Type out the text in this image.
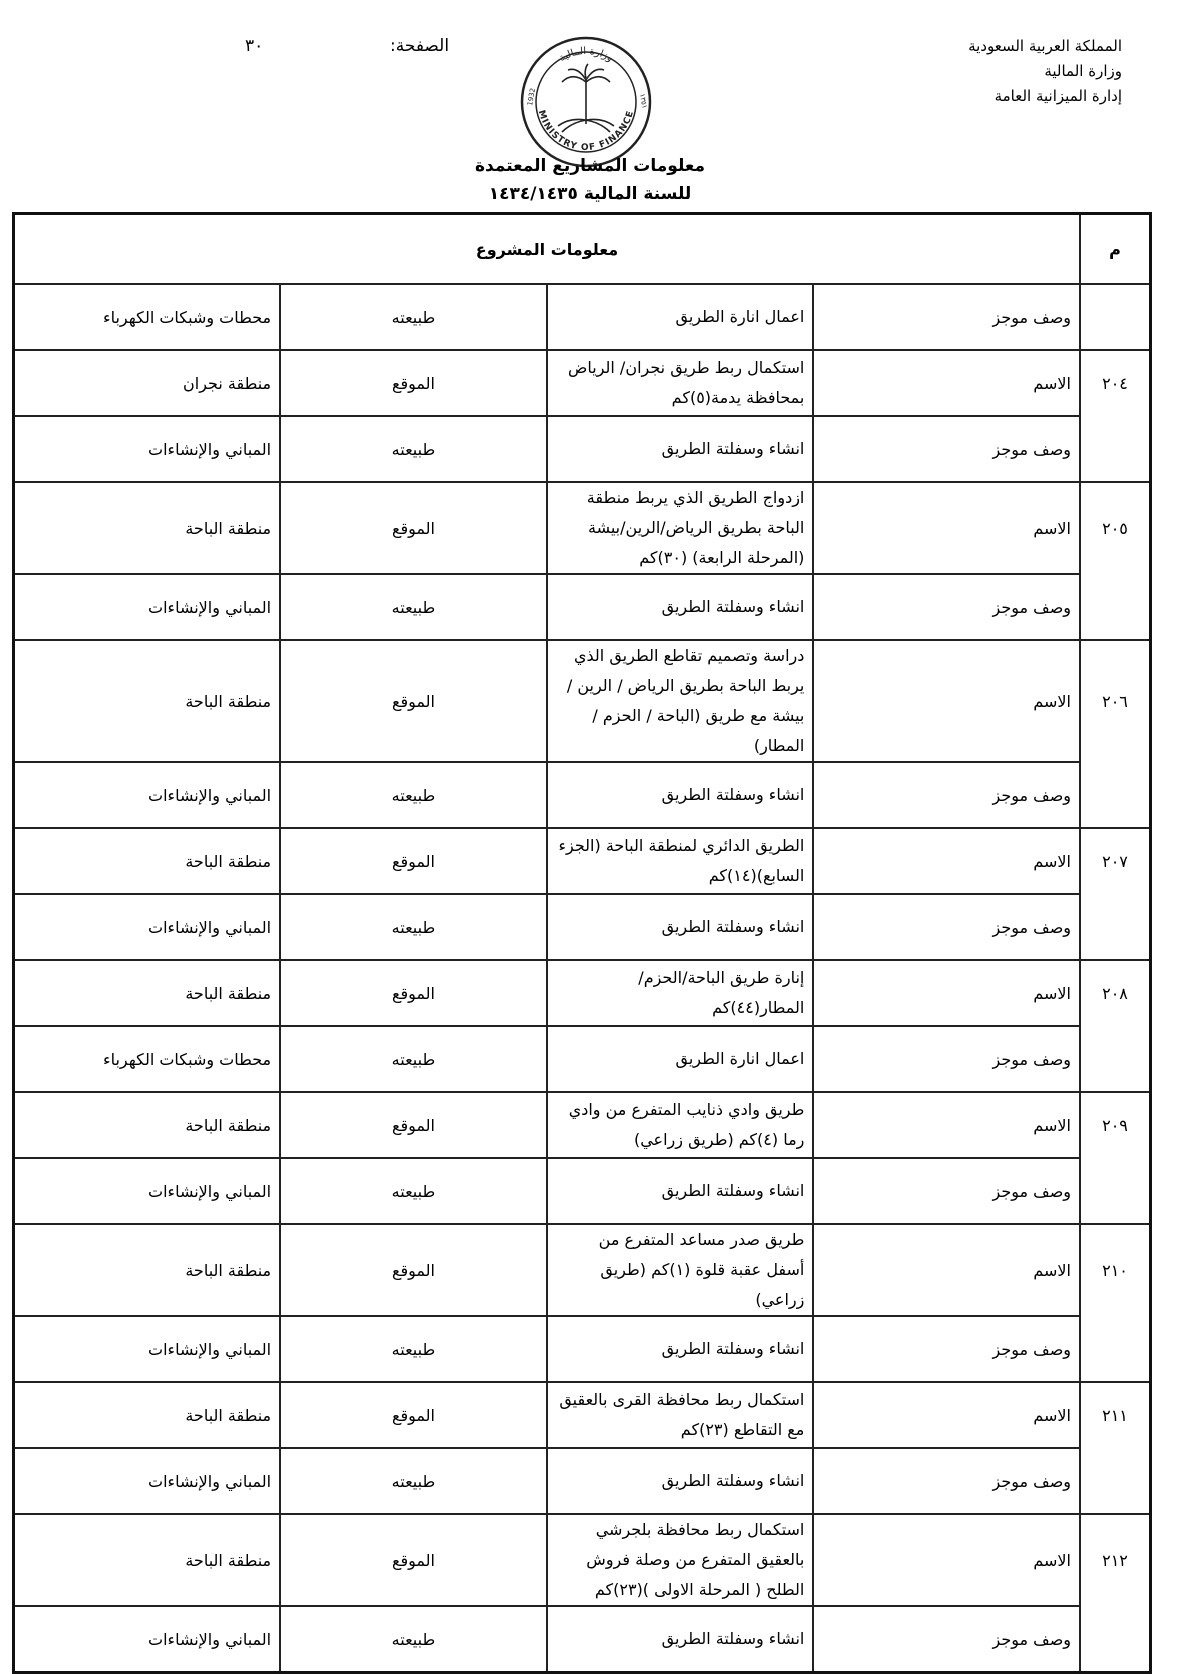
المملكة العربية السعودية
وزارة المالية
إدارة الميزانية العامة
الصفحة:
٣٠
وزارة المالية
MINISTRY OF FINANCE
1932	١٣٥١
معلومات المشاريع المعتمدة
للسنة المالية ١٤٣٤/١٤٣٥
م	معلومات المشروع			
	وصف موجز	اعمال انارة الطريق	طبيعته	محطات وشبكات الكهرباء
٢٠٤	الاسم	استكمال ربط طريق نجران/ الرياض بمحافظة يدمة(٥)كم	الموقع	منطقة نجران
	وصف موجز	انشاء وسفلتة الطريق	طبيعته	المباني والإنشاءات
٢٠٥	الاسم	ازدواج الطريق الذي يربط منطقة الباحة بطريق الرياض/الرين/بيشة (المرحلة الرابعة) (٣٠)كم	الموقع	منطقة الباحة
	وصف موجز	انشاء وسفلتة الطريق	طبيعته	المباني والإنشاءات
٢٠٦	الاسم	دراسة وتصميم تقاطع الطريق الذي يربط الباحة بطريق الرياض / الرين / بيشة مع طريق (الباحة / الحزم / المطار)	الموقع	منطقة الباحة
	وصف موجز	انشاء وسفلتة الطريق	طبيعته	المباني والإنشاءات
٢٠٧	الاسم	الطريق الدائري لمنطقة الباحة (الجزء السابع)(١٤)كم	الموقع	منطقة الباحة
	وصف موجز	انشاء وسفلتة الطريق	طبيعته	المباني والإنشاءات
٢٠٨	الاسم	إنارة طريق الباحة/الحزم/المطار(٤٤)كم	الموقع	منطقة الباحة
	وصف موجز	اعمال انارة الطريق	طبيعته	محطات وشبكات الكهرباء
٢٠٩	الاسم	طريق وادي ذنايب المتفرع من وادي رما (٤)كم (طريق زراعي)	الموقع	منطقة الباحة
	وصف موجز	انشاء وسفلتة الطريق	طبيعته	المباني والإنشاءات
٢١٠	الاسم	طريق صدر مساعد المتفرع من أسفل عقبة قلوة (١)كم (طريق زراعي)	الموقع	منطقة الباحة
	وصف موجز	انشاء وسفلتة الطريق	طبيعته	المباني والإنشاءات
٢١١	الاسم	استكمال ربط محافظة القرى بالعقيق مع التقاطع (٢٣)كم	الموقع	منطقة الباحة
	وصف موجز	انشاء وسفلتة الطريق	طبيعته	المباني والإنشاءات
٢١٢	الاسم	استكمال ربط محافظة بلجرشي بالعقيق المتفرع من وصلة فروش الطلح ( المرحلة الاولى )(٢٣)كم	الموقع	منطقة الباحة
	وصف موجز	انشاء وسفلتة الطريق	طبيعته	المباني والإنشاءات
